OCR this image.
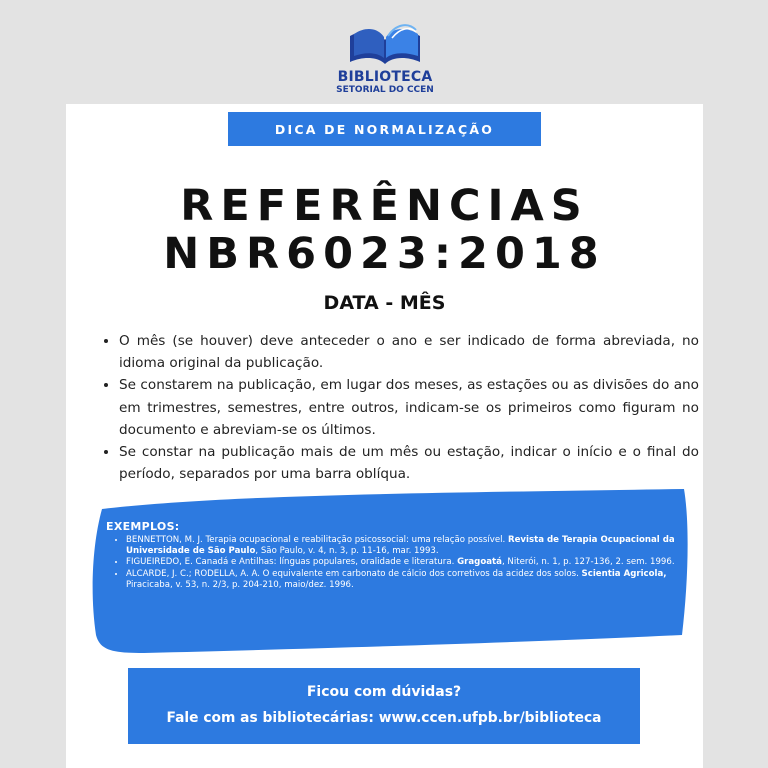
BIBLIOTECA
SETORIAL DO CCEN
DICA DE NORMALIZAÇÃO
REFERÊNCIAS
NBR6023:2018
DATA - MÊS
• O mês (se houver) deve anteceder o ano e ser indicado de forma abreviada, no idioma original da publicação.
• Se constarem na publicação, em lugar dos meses, as estações ou as divisões do ano em trimestres, semestres, entre outros, indicam-se os primeiros como figuram no documento e abreviam-se os últimos.
• Se constar na publicação mais de um mês ou estação, indicar o início e o final do período, separados por uma barra oblíqua.
EXEMPLOS:
• BENNETTON, M. J. Terapia ocupacional e reabilitação psicossocial: uma relação possível. Revista de Terapia Ocupacional da Universidade de São Paulo, São Paulo, v. 4, n. 3, p. 11-16, mar. 1993.
• FIGUEIREDO, E. Canadá e Antilhas: línguas populares, oralidade e literatura. Gragoatá, Niterói, n. 1, p. 127-136, 2. sem. 1996.
• ALCARDE, J. C.; RODELLA, A. A. O equivalente em carbonato de cálcio dos corretivos da acidez dos solos. Scientia Agricola, Piracicaba, v. 53, n. 2/3, p. 204-210, maio/dez. 1996.
Ficou com dúvidas?
Fale com as bibliotecárias: www.ccen.ufpb.br/biblioteca
